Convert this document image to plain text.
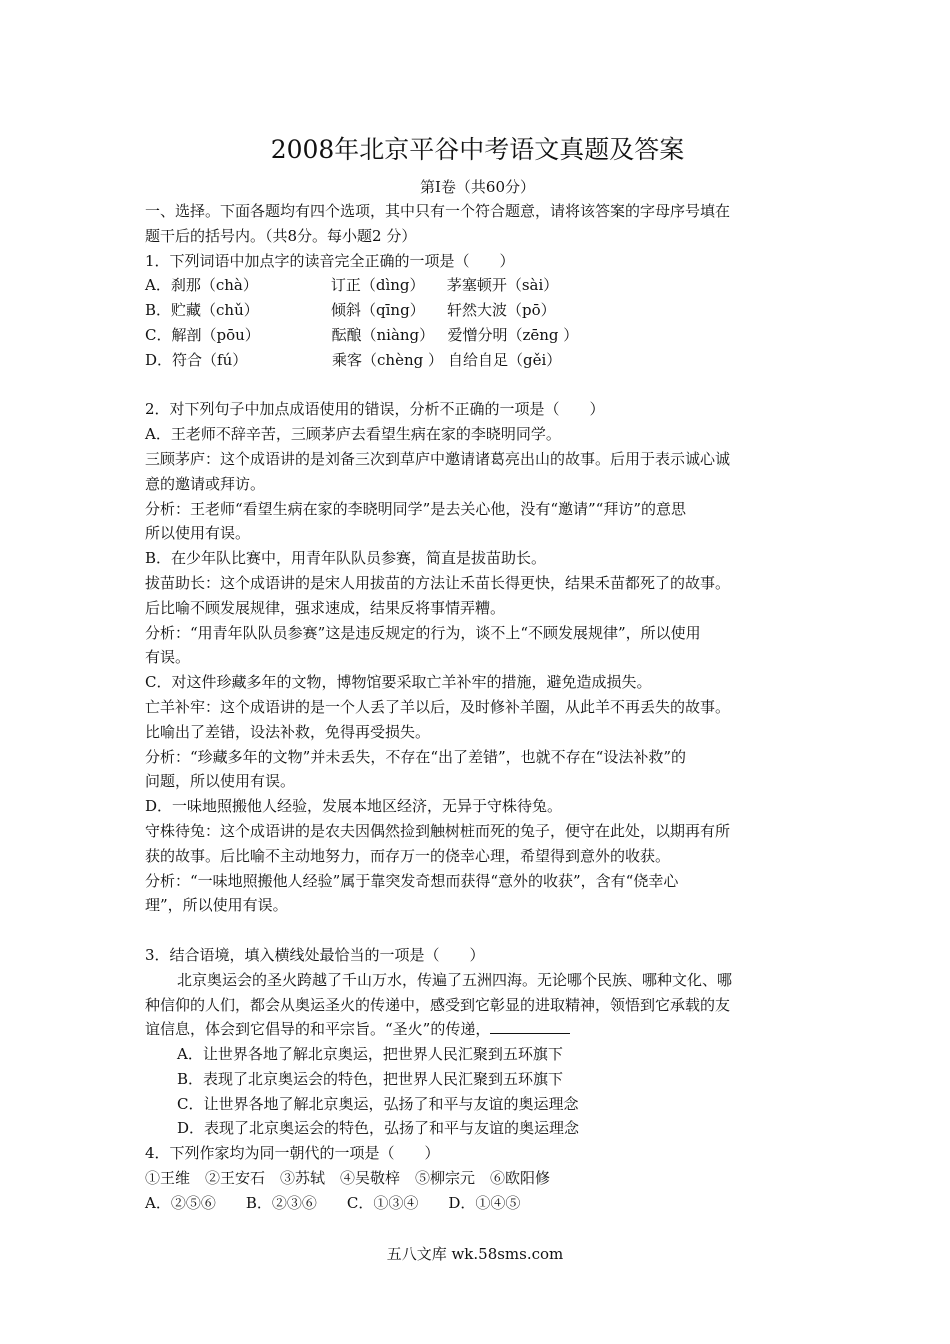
2008年北京平谷中考语文真题及答案
第Ⅰ卷（共60分）
一、选择。下面各题均有四个选项，其中只有一个符合题意，请将该答案的字母序号填在
题干后的括号内。（共8分。每小题2 分）
1．下列词语中加点字的读音完全正确的一项是（　　）
A．刹那（chà）	订正（dìng） 茅塞顿开（sài）
B．贮藏（chǔ）	倾斜（qīng） 轩然大波（pō）
C．解剖（pōu）	酝酿（niàng） 爱憎分明（zēng ）
D．符合（fú）	乘客（chèng ） 自给自足（gěi）
2．对下列句子中加点成语使用的错误，分析不正确的一项是（　　）
A．王老师不辞辛苦，三顾茅庐去看望生病在家的李晓明同学。
三顾茅庐：这个成语讲的是刘备三次到草庐中邀请诸葛亮出山的故事。后用于表示诚心诚
意的邀请或拜访。
分析：王老师“看望生病在家的李晓明同学”是去关心他，没有“邀请”“拜访”的意思
所以使用有误。
B．在少年队比赛中，用青年队队员参赛，简直是拔苗助长。
拔苗助长：这个成语讲的是宋人用拔苗的方法让禾苗长得更快，结果禾苗都死了的故事。
后比喻不顾发展规律，强求速成，结果反将事情弄糟。
分析：“用青年队队员参赛”这是违反规定的行为，谈不上“不顾发展规律”，所以使用
有误。
C．对这件珍藏多年的文物，博物馆要采取亡羊补牢的措施，避免造成损失。
亡羊补牢：这个成语讲的是一个人丢了羊以后，及时修补羊圈，从此羊不再丢失的故事。
比喻出了差错，设法补救，免得再受损失。
分析：“珍藏多年的文物”并未丢失，不存在“出了差错”，也就不存在“设法补救”的
问题，所以使用有误。
D．一味地照搬他人经验，发展本地区经济，无异于守株待兔。
守株待兔：这个成语讲的是农夫因偶然捡到触树桩而死的兔子，便守在此处，以期再有所
获的故事。后比喻不主动地努力，而存万一的侥幸心理，希望得到意外的收获。
分析：“一味地照搬他人经验”属于靠突发奇想而获得“意外的收获”，含有“侥幸心
理”，所以使用有误。
3．结合语境，填入横线处最恰当的一项是（　　）
北京奥运会的圣火跨越了千山万水，传遍了五洲四海。无论哪个民族、哪种文化、哪
种信仰的人们，都会从奥运圣火的传递中，感受到它彰显的进取精神，领悟到它承载的友
谊信息，体会到它倡导的和平宗旨。“圣火”的传递，
A．让世界各地了解北京奥运，把世界人民汇聚到五环旗下
B．表现了北京奥运会的特色，把世界人民汇聚到五环旗下
C．让世界各地了解北京奥运，弘扬了和平与友谊的奥运理念
D．表现了北京奥运会的特色，弘扬了和平与友谊的奥运理念
4．下列作家均为同一朝代的一项是（　　）
①王维　②王安石　③苏轼　④吴敬梓　⑤柳宗元　⑥欧阳修
A．②⑤⑥　　B．②③⑥　　C．①③④　　D．①④⑤
五八文库 wk.58sms.com
